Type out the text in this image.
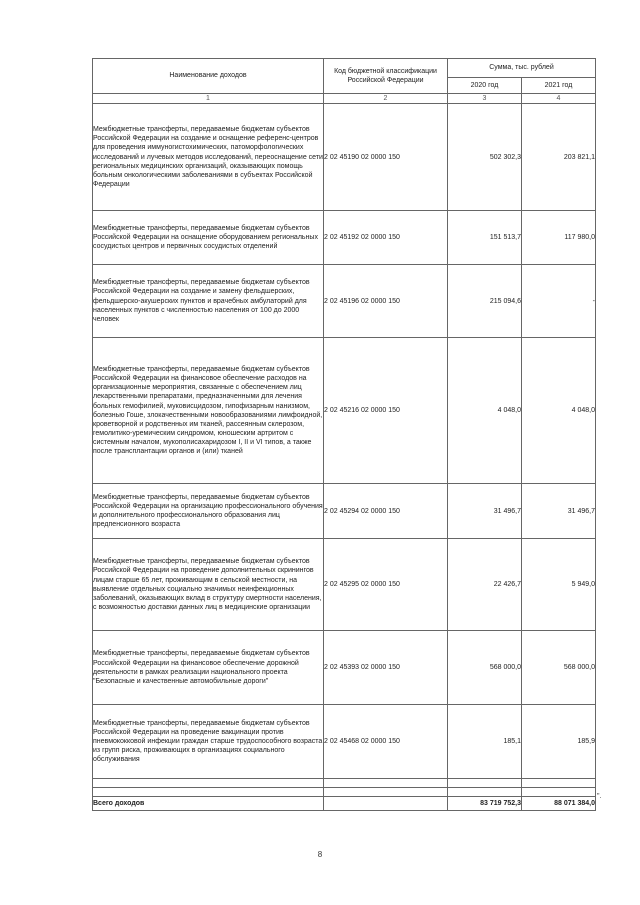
Наименование доходов	Код бюджетной классификации Российской Федерации	Сумма, тыс. рублей	
		2020 год	2021 год
1	2	3	4
Межбюджетные трансферты, передаваемые бюджетам субъектов Российской Федерации на создание и оснащение референс-центров для проведения иммуногистохимических, патоморфологических исследований и лучевых методов исследований, переоснащение сети региональных медицинских организаций, оказывающих помощь больным онкологическими заболеваниями в субъектах Российской Федерации	2 02 45190 02 0000 150	502 302,3	203 821,1
Межбюджетные трансферты, передаваемые бюджетам субъектов Российской Федерации на оснащение оборудованием региональных сосудистых центров и первичных сосудистых отделений	2 02 45192 02 0000 150	151 513,7	117 980,0
Межбюджетные трансферты, передаваемые бюджетам субъектов Российской Федерации на создание и замену фельдшерских, фельдшерско-акушерских пунктов и врачебных амбулаторий для населенных пунктов с численностью населения от 100 до 2000 человек	2 02 45196 02 0000 150	215 094,6	-
Межбюджетные трансферты, передаваемые бюджетам субъектов Российской Федерации на финансовое обеспечение расходов на организационные мероприятия, связанные с обеспечением лиц лекарственными препаратами, предназначенными для лечения больных гемофилией, муковисцидозом, гипофизарным нанизмом, болезнью Гоше, злокачественными новообразованиями лимфоидной, кроветворной и родственных им тканей, рассеянным склерозом, гемолитико-уремическим синдромом, юношеским артритом с системным началом, мукополисахаридозом I, II и VI типов, а также после трансплантации органов и (или) тканей	2 02 45216 02 0000 150	4 048,0	4 048,0
Межбюджетные трансферты, передаваемые бюджетам субъектов Российской Федерации на организацию профессионального обучения и дополнительного профессионального образования лиц предпенсионного возраста	2 02 45294 02 0000 150	31 496,7	31 496,7
Межбюджетные трансферты, передаваемые бюджетам субъектов Российской Федерации на проведение дополнительных скринингов лицам старше 65 лет, проживающим в сельской местности, на выявление отдельных социально значимых неинфекционных заболеваний, оказывающих вклад в структуру смертности населения, с возможностью доставки данных лиц в медицинские организации	2 02 45295 02 0000 150	22 426,7	5 949,0
Межбюджетные трансферты, передаваемые бюджетам субъектов Российской Федерации на финансовое обеспечение дорожной деятельности в рамках реализации национального проекта "Безопасные и качественные автомобильные дороги"	2 02 45393 02 0000 150	568 000,0	568 000,0
Межбюджетные трансферты, передаваемые бюджетам субъектов Российской Федерации на проведение вакцинации против пневмококковой инфекции граждан старше трудоспособного возраста из групп риска, проживающих в организациях социального обслуживания	2 02 45468 02 0000 150	185,1	185,9

Всего доходов		83 719 752,3	88 071 384,0
".
8
